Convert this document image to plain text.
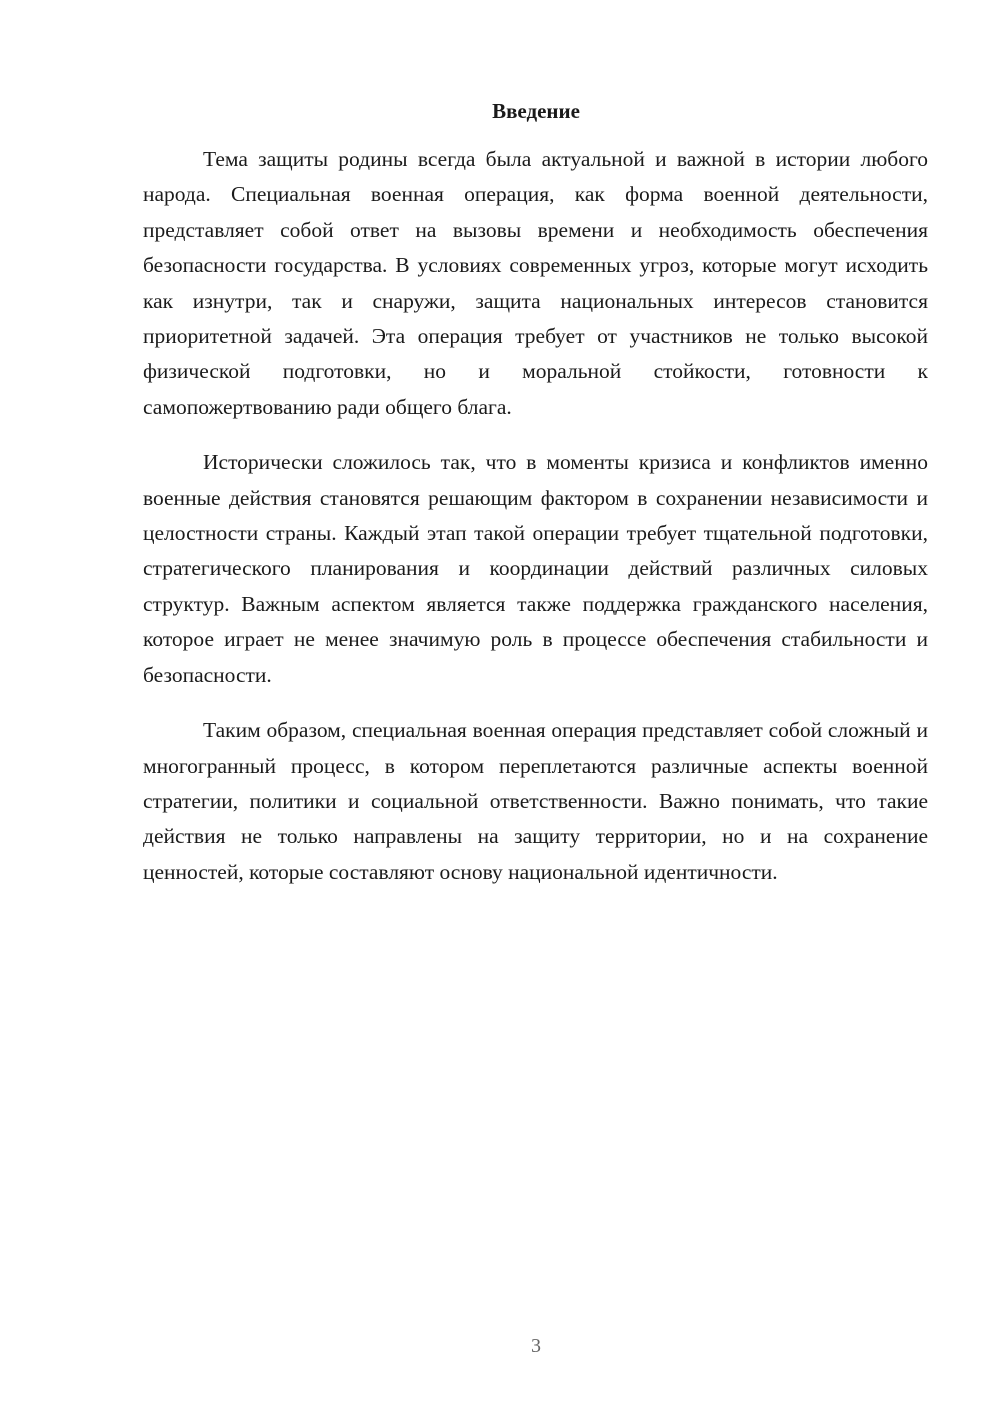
Введение

Тема защиты родины всегда была актуальной и важной в истории любого народа. Специальная военная операция, как форма военной деятельности, представляет собой ответ на вызовы времени и необходимость обеспечения безопасности государства. В условиях современных угроз, которые могут исходить как изнутри, так и снаружи, защита национальных интересов становится приоритетной задачей. Эта операция требует от участников не только высокой физической подготовки, но и моральной стойкости, готовности к самопожертвованию ради общего блага.

Исторически сложилось так, что в моменты кризиса и конфликтов именно военные действия становятся решающим фактором в сохранении независимости и целостности страны. Каждый этап такой операции требует тщательной подготовки, стратегического планирования и координации действий различных силовых структур. Важным аспектом является также поддержка гражданского населения, которое играет не менее значимую роль в процессе обеспечения стабильности и безопасности.

Таким образом, специальная военная операция представляет собой сложный и многогранный процесс, в котором переплетаются различные аспекты военной стратегии, политики и социальной ответственности. Важно понимать, что такие действия не только направлены на защиту территории, но и на сохранение ценностей, которые составляют основу национальной идентичности.

3
